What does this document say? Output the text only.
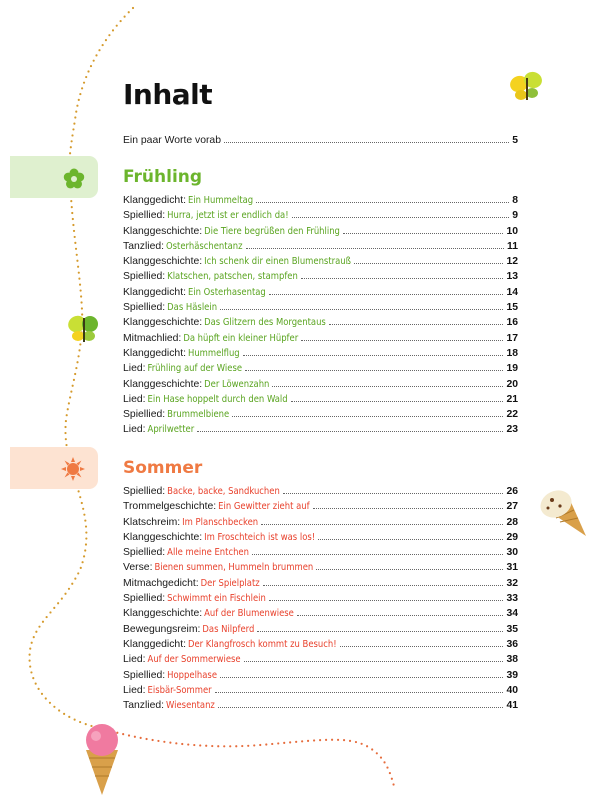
Inhalt
Ein paar Worte vorab	5
Frühling
Klanggedicht: Ein Hummeltag	8
Spiellied: Hurra, jetzt ist er endlich da!	9
Klanggeschichte: Die Tiere begrüßen den Frühling	10
Tanzlied: Osterhäschentanz	11
Klanggeschichte: Ich schenk dir einen Blumenstrauß	12
Spiellied: Klatschen, patschen, stampfen	13
Klanggedicht: Ein Osterhasentag	14
Spiellied: Das Häslein	15
Klanggeschichte: Das Glitzern des Morgentaus	16
Mitmachlied: Da hüpft ein kleiner Hüpfer	17
Klanggedicht: Hummelflug	18
Lied: Frühling auf der Wiese	19
Klanggeschichte: Der Löwenzahn	20
Lied: Ein Hase hoppelt durch den Wald	21
Spiellied: Brummelbiene	22
Lied: Aprilwetter	23
Sommer
Spiellied: Backe, backe, Sandkuchen	26
Trommelgeschichte: Ein Gewitter zieht auf	27
Klatschreim: Im Planschbecken	28
Klanggeschichte: Im Froschteich ist was los!	29
Spiellied: Alle meine Entchen	30
Verse: Bienen summen, Hummeln brummen	31
Mitmachgedicht: Der Spielplatz	32
Spiellied: Schwimmt ein Fischlein	33
Klanggeschichte: Auf der Blumenwiese	34
Bewegungsreim: Das Nilpferd	35
Klanggedicht: Der Klangfrosch kommt zu Besuch!	36
Lied: Auf der Sommerwiese	38
Spiellied: Hoppelhase	39
Lied: Eisbär-Sommer	40
Tanzlied: Wiesentanz	41
